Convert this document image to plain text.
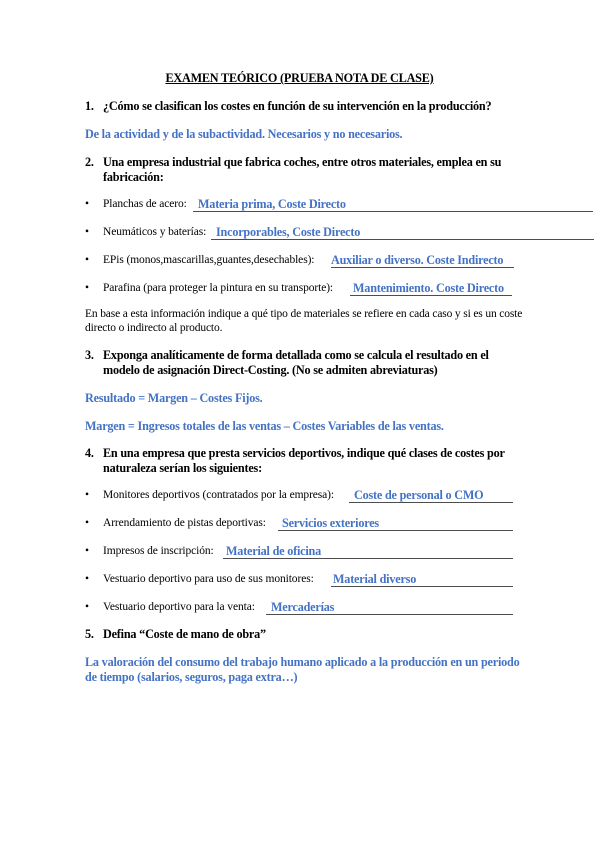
EXAMEN TEÓRICO (PRUEBA NOTA DE CLASE)
1. ¿Cómo se clasifican los costes en función de su intervención en la producción?
De la actividad y de la subactividad. Necesarios y no necesarios.
2. Una empresa industrial que fabrica coches, entre otros materiales, emplea en su fabricación:
• Planchas de acero: Materia prima, Coste Directo
• Neumáticos y baterías: Incorporables, Coste Directo
• EPis (monos,mascarillas,guantes,desechables): Auxiliar o diverso. Coste Indirecto
• Parafina (para proteger la pintura en su transporte): Mantenimiento. Coste Directo
En base a esta información indique a qué tipo de materiales se refiere en cada caso y si es un coste directo o indirecto al producto.
3. Exponga analíticamente de forma detallada como se calcula el resultado en el modelo de asignación Direct-Costing. (No se admiten abreviaturas)
Resultado = Margen – Costes Fijos.
Margen = Ingresos totales de las ventas – Costes Variables de las ventas.
4. En una empresa que presta servicios deportivos, indique qué clases de costes por naturaleza serían los siguientes:
• Monitores deportivos (contratados por la empresa): Coste de personal o CMO
• Arrendamiento de pistas deportivas: Servicios exteriores
• Impresos de inscripción: Material de oficina
• Vestuario deportivo para uso de sus monitores: Material diverso
• Vestuario deportivo para la venta: Mercaderías
5. Defina “Coste de mano de obra”
La valoración del consumo del trabajo humano aplicado a la producción en un periodo de tiempo (salarios, seguros, paga extra…)
